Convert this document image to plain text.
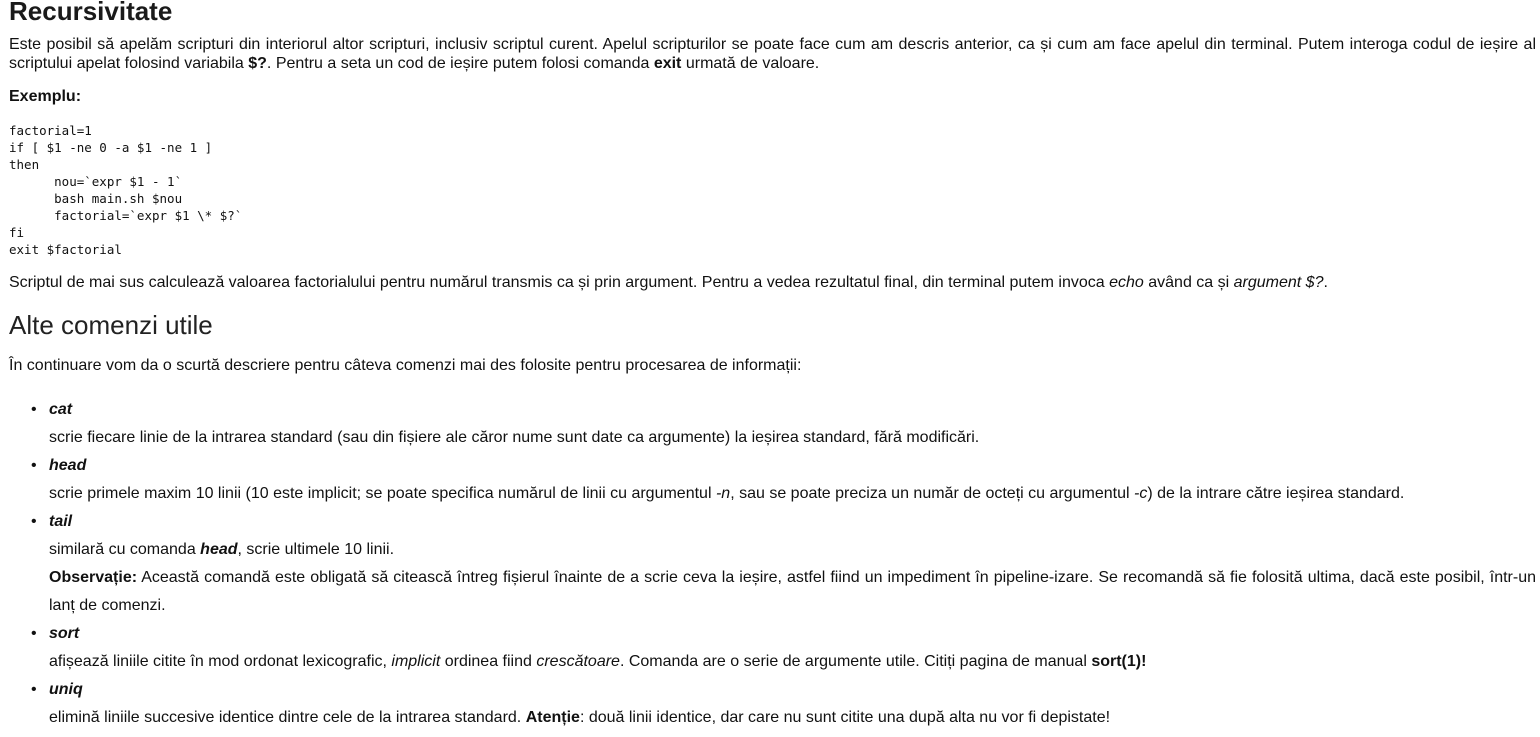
Recursivitate

Este posibil să apelăm scripturi din interiorul altor scripturi, inclusiv scriptul curent. Apelul scripturilor se poate face cum am descris anterior, ca și cum am face apelul din terminal. Putem interoga codul de ieșire al scriptului apelat folosind variabila $?. Pentru a seta un cod de ieșire putem folosi comanda exit urmată de valoare.

Exemplu:

factorial=1
if [ $1 -ne 0 -a $1 -ne 1 ]
then
nou=`expr $1 - 1`
bash main.sh $nou
factorial=`expr $1 \* $?`
fi
exit $factorial

Scriptul de mai sus calculează valoarea factorialului pentru numărul transmis ca și prin argument. Pentru a vedea rezultatul final, din terminal putem invoca echo având ca și argument $?.

Alte comenzi utile

În continuare vom da o scurtă descriere pentru câteva comenzi mai des folosite pentru procesarea de informații:

• cat
scrie fiecare linie de la intrarea standard (sau din fișiere ale căror nume sunt date ca argumente) la ieșirea standard, fără modificări.
• head
scrie primele maxim 10 linii (10 este implicit; se poate specifica numărul de linii cu argumentul -n, sau se poate preciza un număr de octeți cu argumentul -c) de la intrare către ieșirea standard.
• tail
similară cu comanda head, scrie ultimele 10 linii.
Observație: Această comandă este obligată să citească întreg fișierul înainte de a scrie ceva la ieșire, astfel fiind un impediment în pipeline-izare. Se recomandă să fie folosită ultima, dacă este posibil, într-un lanț de comenzi.
• sort
afișează liniile citite în mod ordonat lexicografic, implicit ordinea fiind crescătoare. Comanda are o serie de argumente utile. Citiți pagina de manual sort(1)!
• uniq
elimină liniile succesive identice dintre cele de la intrarea standard. Atenție: două linii identice, dar care nu sunt citite una după alta nu vor fi depistate!
